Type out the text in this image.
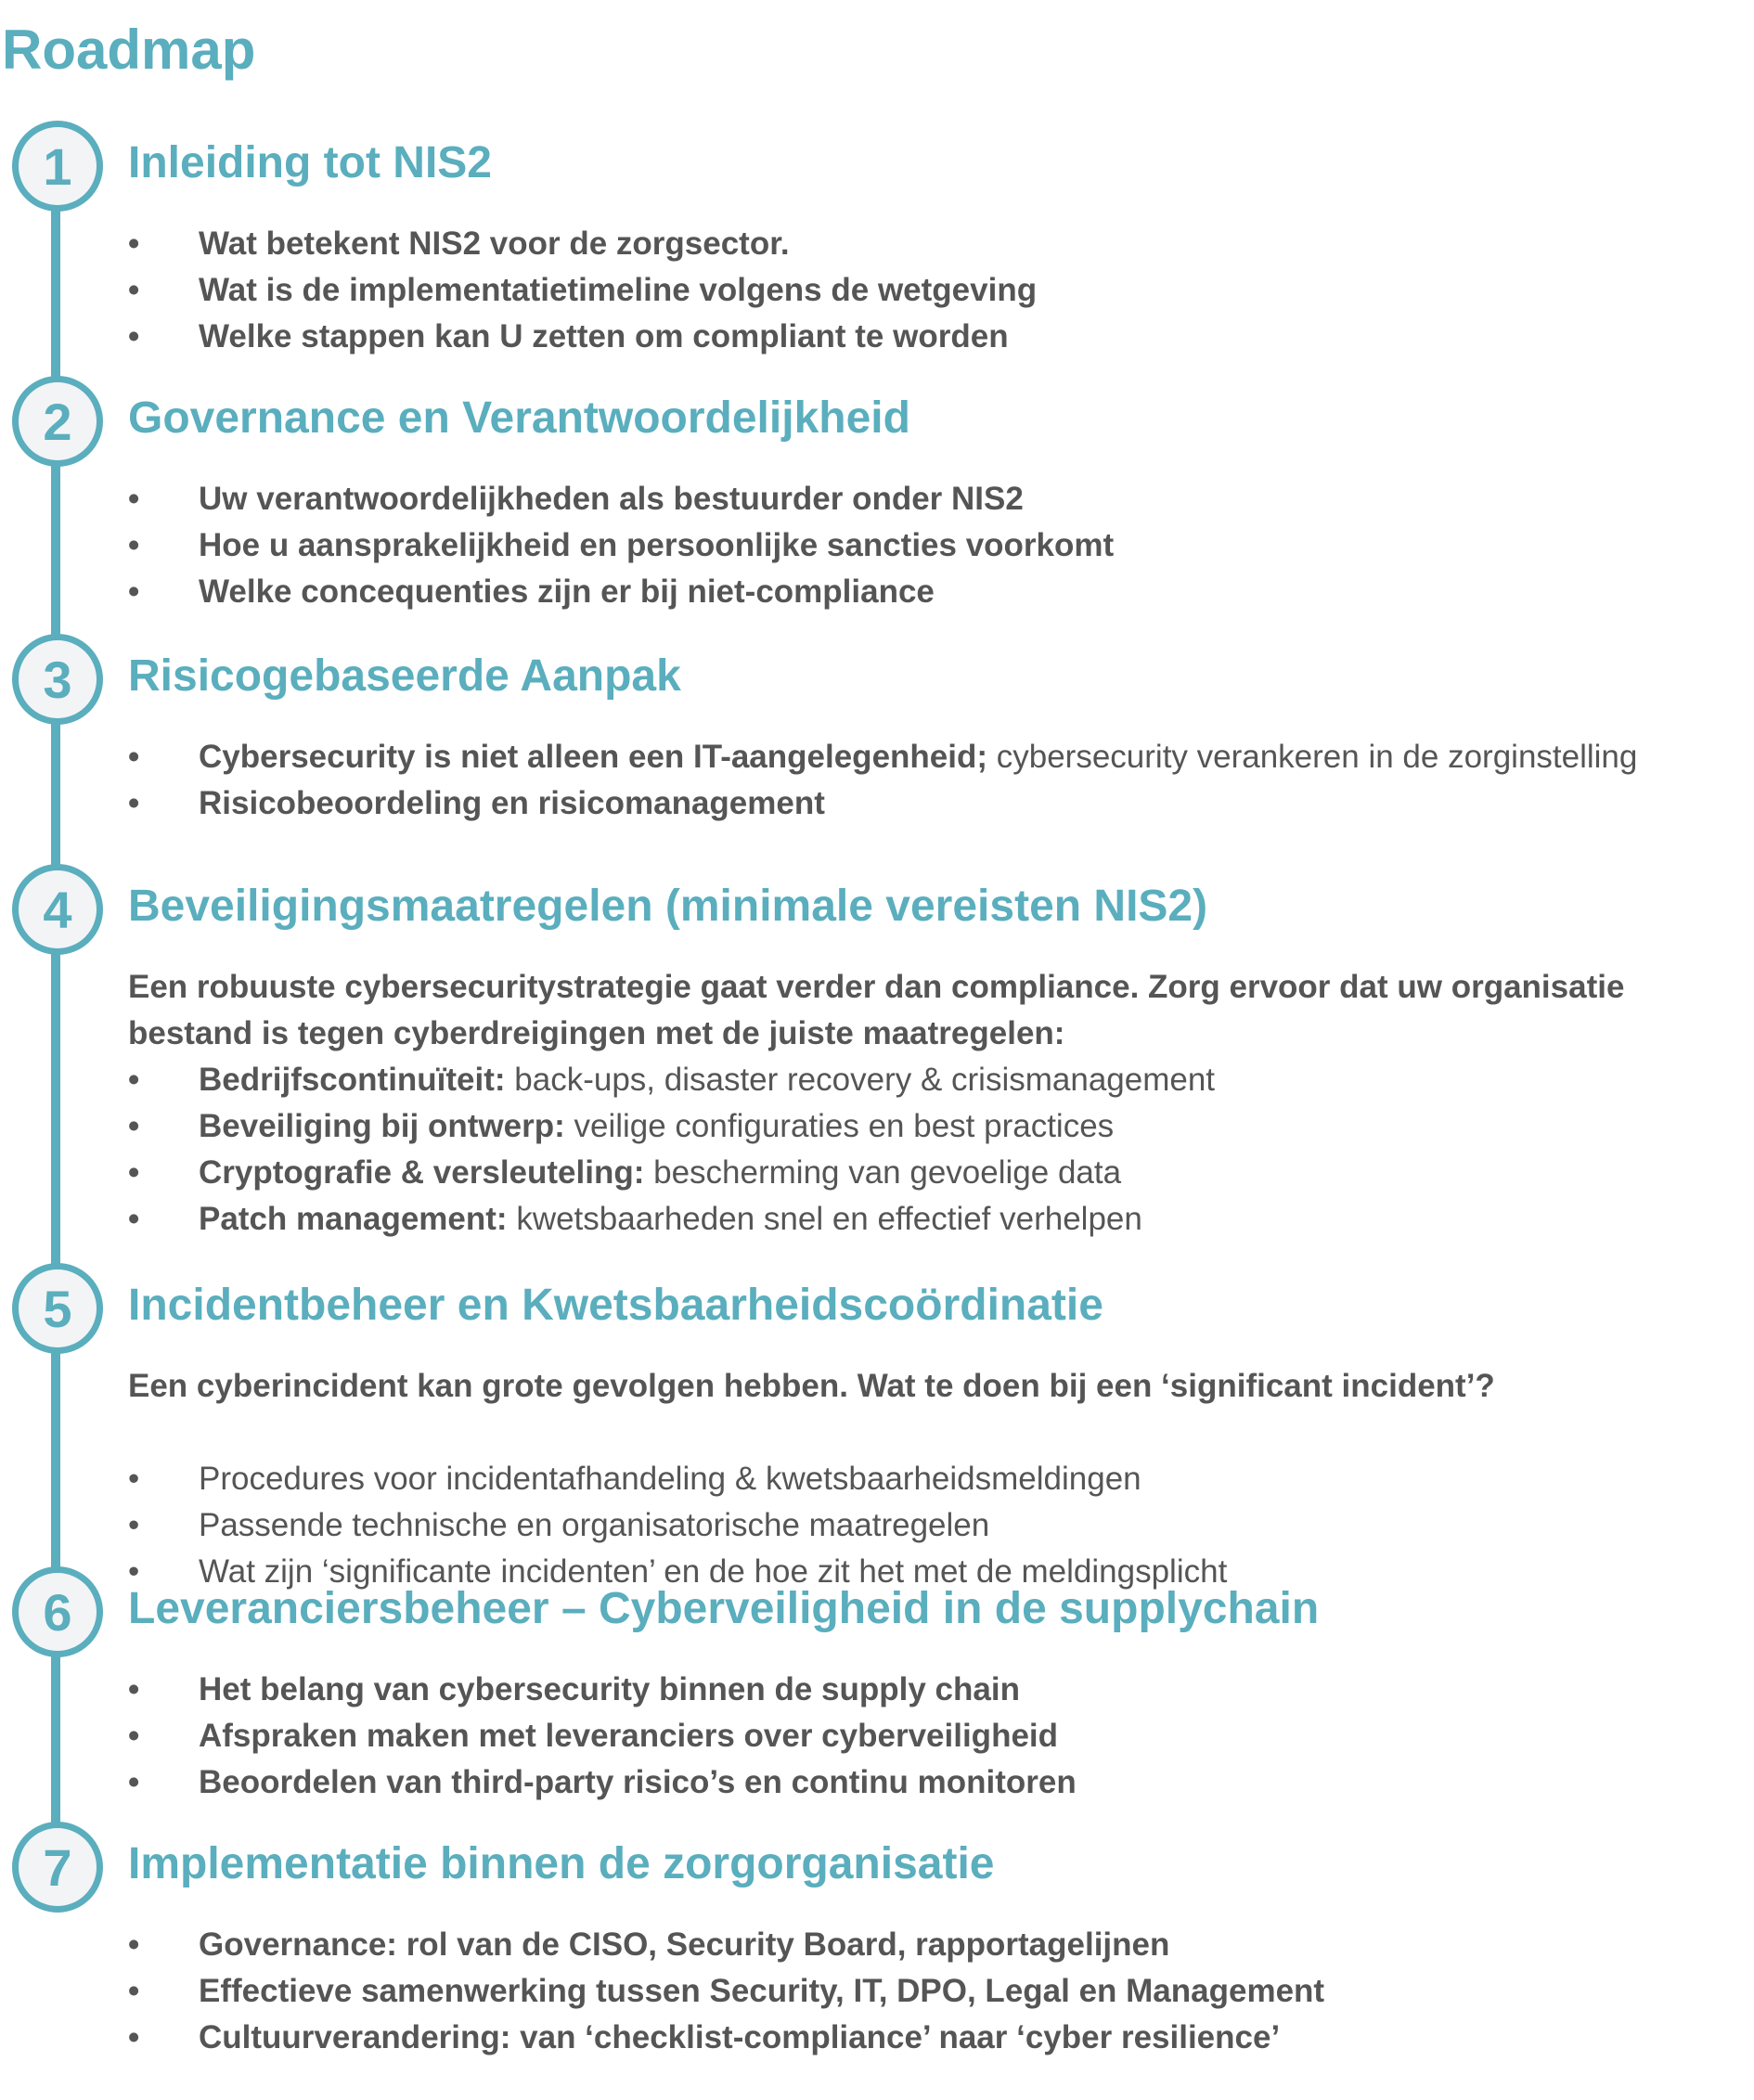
Roadmap
1	Inleiding tot NIS2
•	Wat betekent NIS2 voor de zorgsector.
•	Wat is de implementatietimeline volgens de wetgeving
•	Welke stappen kan U zetten om compliant te worden
2	Governance en Verantwoordelijkheid
•	Uw verantwoordelijkheden als bestuurder onder NIS2
•	Hoe u aansprakelijkheid en persoonlijke sancties voorkomt
•	Welke concequenties zijn er bij niet-compliance
3	Risicogebaseerde Aanpak
•	Cybersecurity is niet alleen een IT-aangelegenheid; cybersecurity verankeren in de zorginstelling
•	Risicobeoordeling en risicomanagement
4	Beveiligingsmaatregelen (minimale vereisten NIS2)

Een robuuste cybersecuritystrategie gaat verder dan compliance. Zorg ervoor dat uw organisatie bestand is tegen cyberdreigingen met de juiste maatregelen:

•	Bedrijfscontinuïteit: back-ups, disaster recovery & crisismanagement
•	Beveiliging bij ontwerp: veilige configuraties en best practices
•	Cryptografie & versleuteling: bescherming van gevoelige data
•	Patch management: kwetsbaarheden snel en effectief verhelpen
5	Incidentbeheer en Kwetsbaarheidscoördinatie

Een cyberincident kan grote gevolgen hebben. Wat te doen bij een ‘significant incident’?

•	Procedures voor incidentafhandeling & kwetsbaarheidsmeldingen
•	Passende technische en organisatorische maatregelen
•	Wat zijn ‘significante incidenten’ en de hoe zit het met de meldingsplicht
6	Leveranciersbeheer – Cyberveiligheid in de supplychain
•	Het belang van cybersecurity binnen de supply chain
•	Afspraken maken met leveranciers over cyberveiligheid
•	Beoordelen van third-party risico’s en continu monitoren
7	Implementatie binnen de zorgorganisatie
•	Governance: rol van de CISO, Security Board, rapportagelijnen
•	Effectieve samenwerking tussen Security, IT, DPO, Legal en Management
•	Cultuurverandering: van ‘checklist-compliance’ naar ‘cyber resilience’
